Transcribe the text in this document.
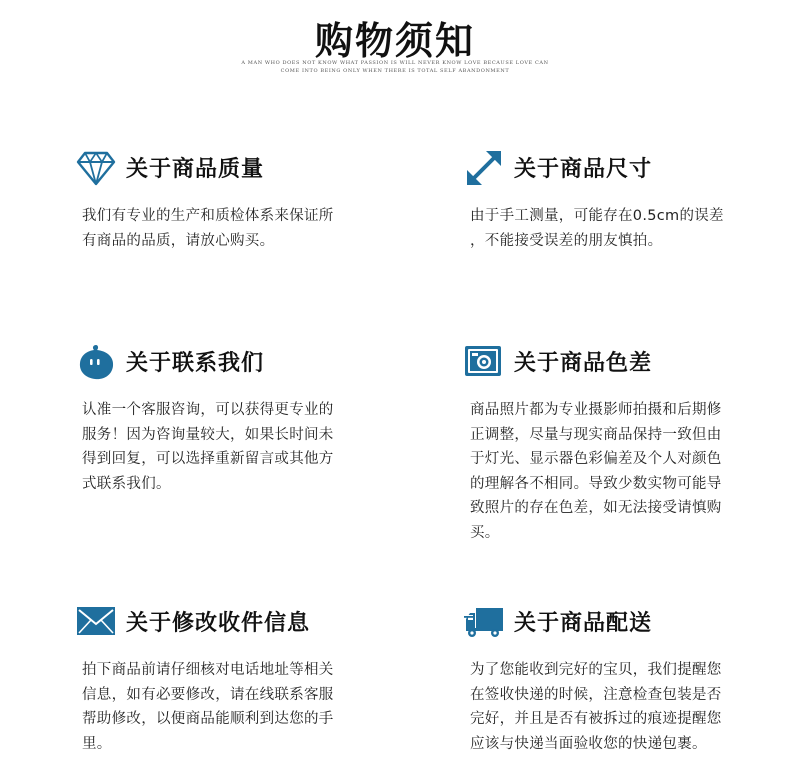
购物须知
A MAN WHO DOES NOT KNOW WHAT PASSION IS WILL NEVER KNOW LOVE BECAUSE LOVE CAN
COME INTO BEING ONLY WHEN THERE IS TOTAL SELF ABANDONMENT
关于商品质量
我们有专业的生产和质检体系来保证所
有商品的品质，请放心购买。
关于商品尺寸
由于手工测量，可能存在0.5cm的误差
，不能接受误差的朋友慎拍。
关于联系我们
认准一个客服咨询，可以获得更专业的
服务！因为咨询量较大，如果长时间未
得到回复，可以选择重新留言或其他方
式联系我们。
关于商品色差
商品照片都为专业摄影师拍摄和后期修
正调整，尽量与现实商品保持一致但由
于灯光、显示器色彩偏差及个人对颜色
的理解各不相同。导致少数实物可能导
致照片的存在色差，如无法接受请慎购
买。
关于修改收件信息
拍下商品前请仔细核对电话地址等相关
信息，如有必要修改，请在线联系客服
帮助修改，以便商品能顺利到达您的手
里。
关于商品配送
为了您能收到完好的宝贝，我们提醒您
在签收快递的时候，注意检查包装是否
完好，并且是否有被拆过的痕迹提醒您
应该与快递当面验收您的快递包裹。
